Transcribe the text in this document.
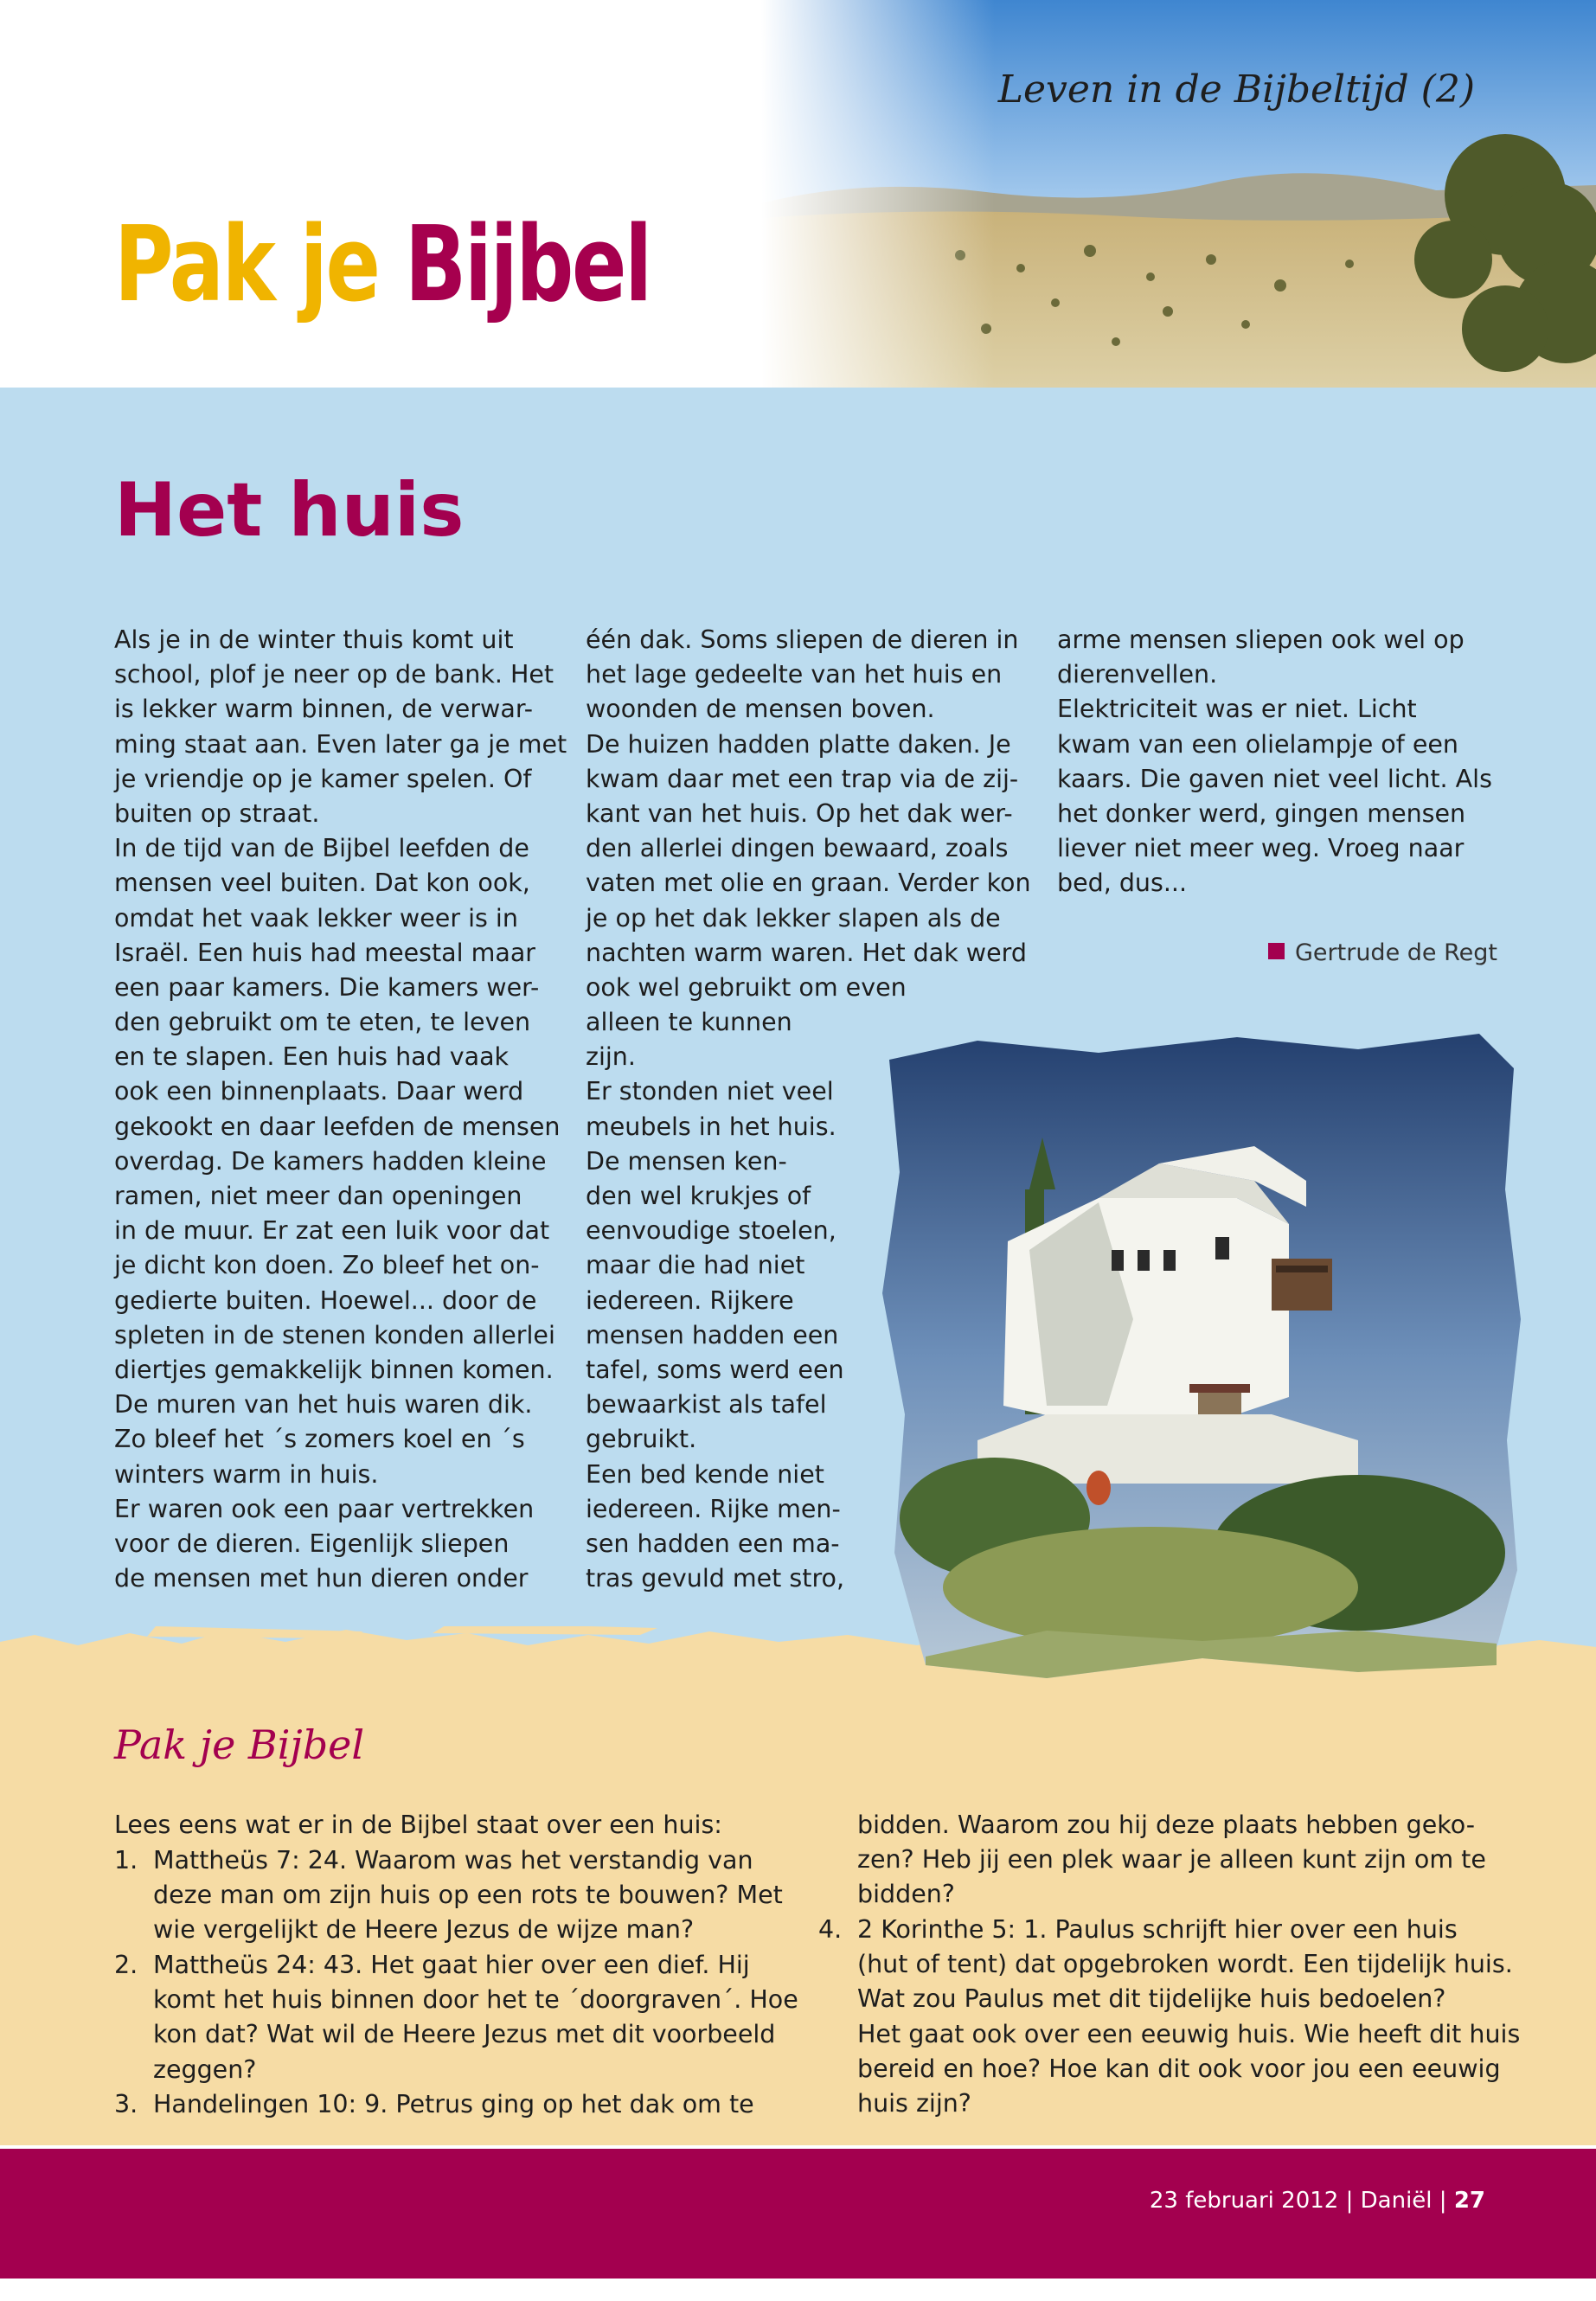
Leven in de Bijbeltijd (2)
Pak je Bijbel
Het huis
Als je in de winter thuis komt uit
school, plof je neer op de bank. Het
is lekker warm binnen, de verwar-
ming staat aan. Even later ga je met
je vriendje op je kamer spelen. Of
buiten op straat.
In de tijd van de Bijbel leefden de
mensen veel buiten. Dat kon ook,
omdat het vaak lekker weer is in
Israël. Een huis had meestal maar
een paar kamers. Die kamers wer-
den gebruikt om te eten, te leven
en te slapen. Een huis had vaak
ook een binnenplaats. Daar werd
gekookt en daar leefden de mensen
overdag. De kamers hadden kleine
ramen, niet meer dan openingen
in de muur. Er zat een luik voor dat
je dicht kon doen. Zo bleef het on-
gedierte buiten. Hoewel... door de
spleten in de stenen konden allerlei
diertjes gemakkelijk binnen komen.
De muren van het huis waren dik.
Zo bleef het ´s zomers koel en ´s
winters warm in huis.
Er waren ook een paar vertrekken
voor de dieren. Eigenlijk sliepen
de mensen met hun dieren onder
één dak. Soms sliepen de dieren in
het lage gedeelte van het huis en
woonden de mensen boven.
De huizen hadden platte daken. Je
kwam daar met een trap via de zij-
kant van het huis. Op het dak wer-
den allerlei dingen bewaard, zoals
vaten met olie en graan. Verder kon
je op het dak lekker slapen als de
nachten warm waren. Het dak werd
ook wel gebruikt om even
alleen te kunnen
zijn.
Er stonden niet veel
meubels in het huis.
De mensen ken-
den wel krukjes of
eenvoudige stoelen,
maar die had niet
iedereen. Rijkere
mensen hadden een
tafel, soms werd een
bewaarkist als tafel
gebruikt.
Een bed kende niet
iedereen. Rijke men-
sen hadden een ma-
tras gevuld met stro,
arme mensen sliepen ook wel op
dierenvellen.
Elektriciteit was er niet. Licht
kwam van een olielampje of een
kaars. Die gaven niet veel licht. Als
het donker werd, gingen mensen
liever niet meer weg. Vroeg naar
bed, dus...
Gertrude de Regt
Pak je Bijbel
Lees eens wat er in de Bijbel staat over een huis:
1. Mattheüs 7: 24. Waarom was het verstandig van
deze man om zijn huis op een rots te bouwen? Met
wie vergelijkt de Heere Jezus de wijze man?
2. Mattheüs 24: 43. Het gaat hier over een dief. Hij
komt het huis binnen door het te ´doorgraven´. Hoe
kon dat? Wat wil de Heere Jezus met dit voorbeeld
zeggen?
3. Handelingen 10: 9. Petrus ging op het dak om te
bidden. Waarom zou hij deze plaats hebben geko-
zen? Heb jij een plek waar je alleen kunt zijn om te
bidden?
4. 2 Korinthe 5: 1. Paulus schrijft hier over een huis
(hut of tent) dat opgebroken wordt. Een tijdelijk huis.
Wat zou Paulus met dit tijdelijke huis bedoelen?
Het gaat ook over een eeuwig huis. Wie heeft dit huis
bereid en hoe? Hoe kan dit ook voor jou een eeuwig
huis zijn?
23 februari 2012 | Daniël | 27
